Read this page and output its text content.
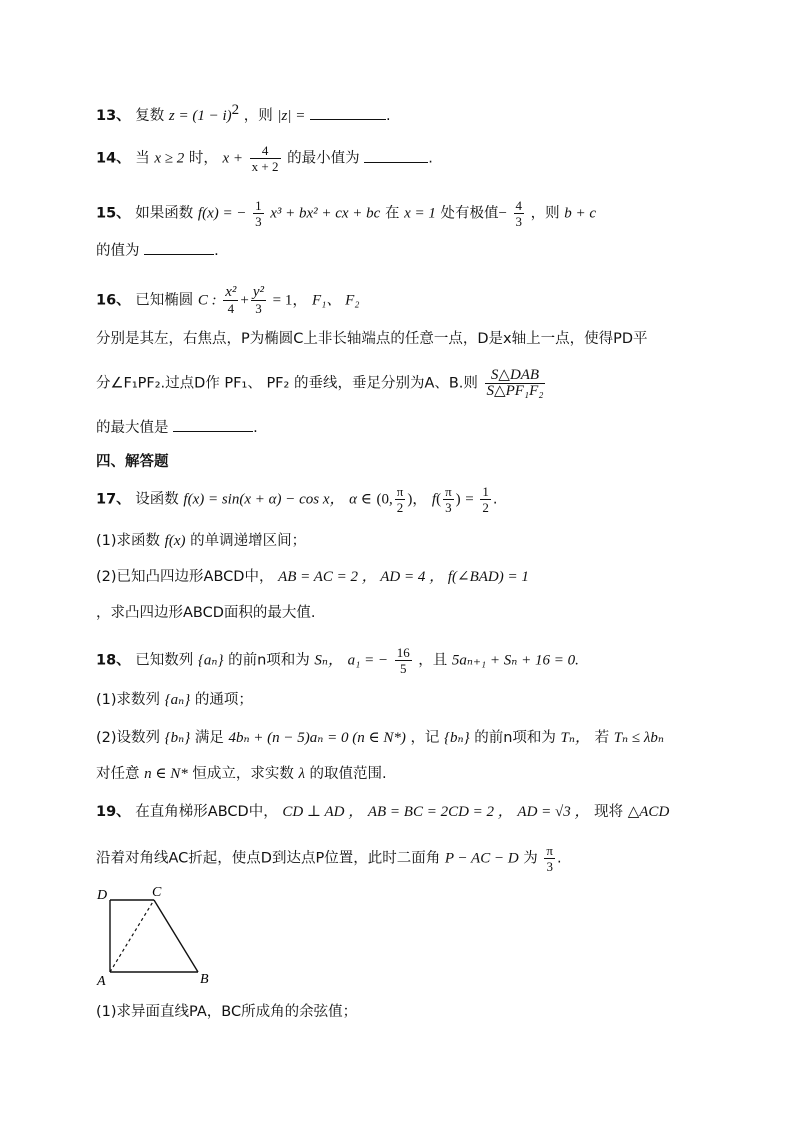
13、 复数 $z = (1 - i)^2$ ，则 |z| =	.
14、 当 x ≥ 2 时， $x + \frac{4}{x + 2}$ 的最小值为	.
15、 如果函数 f(x) = − $\frac{1}{3} x^3 + bx^2$ + cx + bc 在 x = 1 处有极值− $\frac{4}{3}$ ，则 b + c
的值为	.
16、 已知椭圆 C : $\frac{\text{x²}}{4} + \frac{\text{y²}}{3} = 1$， F₁、 F₂
分别是其左，右焦点，P为椭圆C上非长轴端点的任意一点，D是x轴上一点，使得PD平
分∠F₁PF₂.过点D作 PF₁、 PF₂ 的垂线，垂足分别为A、B.则 $\frac{\text{S△DAB}}{\text{S△PF₁F₂}}$
的最大值是	.
四、解答题
17、 设函数 f(x) = sin(x + α) − cos x， α ∈ (0, $\frac{\pi}{2}$ )， $f( \frac{\pi}{3}$ ) = $\frac{1}{2}$ .
(1)求函数 f(x) 的单调递增区间；
(2)已知凸四边形ABCD中， AB = AC = 2 ， AD = 4 ， f(∠BAD) = 1
，求凸四边形ABCD面积的最大值.
18、 已知数列 {aₙ} 的前n项和为 Sₙ， a₁ = − $\frac{16}{5}$ ，且 5aₙ₊₁ + Sₙ + 16 = 0.
(1)求数列 {aₙ} 的通项；
(2)设数列 {bₙ} 满足 4bₙ + (n − 5)aₙ = 0 (n ∈ N*) ，记 {bₙ} 的前n项和为 Tₙ， 若 Tₙ ≤ λbₙ
对任意 n ∈ N* 恒成立，求实数 λ 的取值范围.
19、 在直角梯形ABCD中， CD ⊥ AD ， AB = BC = 2CD = 2 ， AD = √3 ， 现将 △ACD
沿着对角线AC折起，使点D到达点P位置，此时二面角 P − AC − D 为 $\frac{\pi}{3}$ .
D	C
A	B
(1)求异面直线PA，BC所成角的余弦值；
